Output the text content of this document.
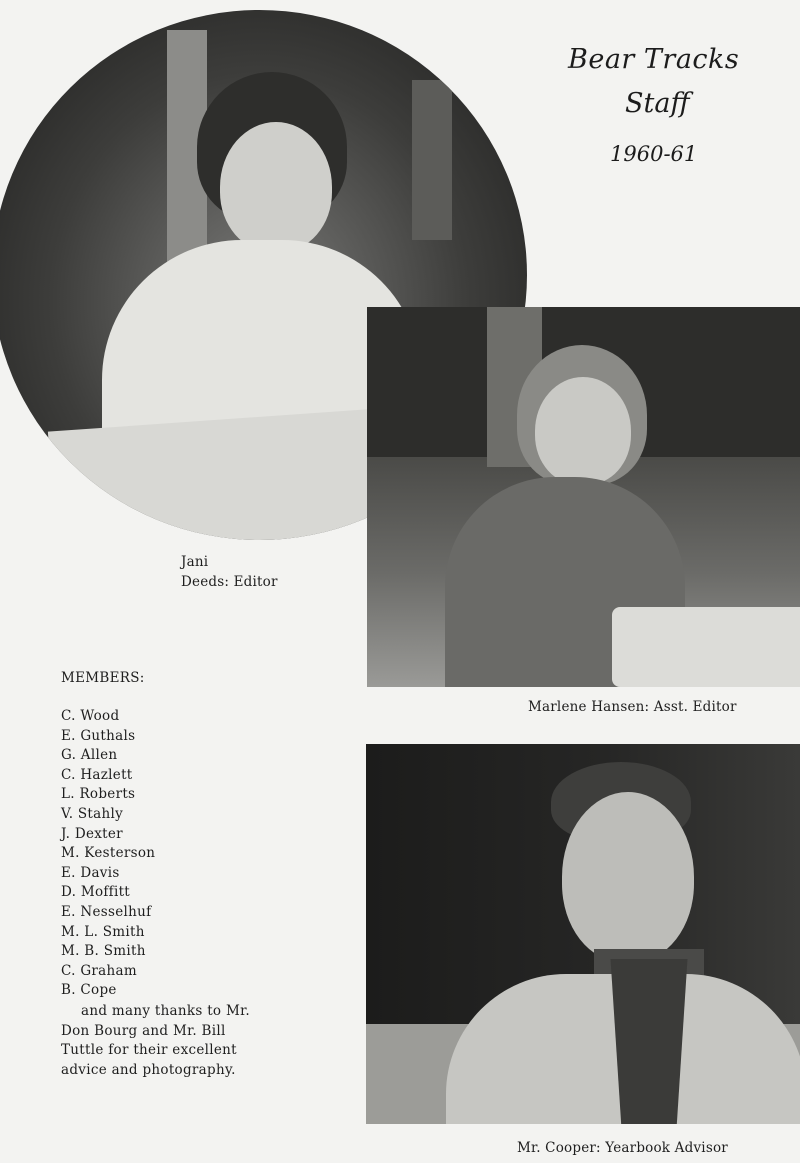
Bear Tracks
Staff
1960-61
Jani
Deeds: Editor
Marlene Hansen: Asst. Editor
Mr. Cooper: Yearbook Advisor
MEMBERS:
C. Wood
E. Guthals
G. Allen
C. Hazlett
L. Roberts
V. Stahly
J. Dexter
M. Kesterson
E. Davis
D. Moffitt
E. Nesselhuf
M. L. Smith
M. B. Smith
C. Graham
B. Cope
and many thanks to Mr.
Don Bourg and Mr. Bill
Tuttle for their excellent
advice and photography.
